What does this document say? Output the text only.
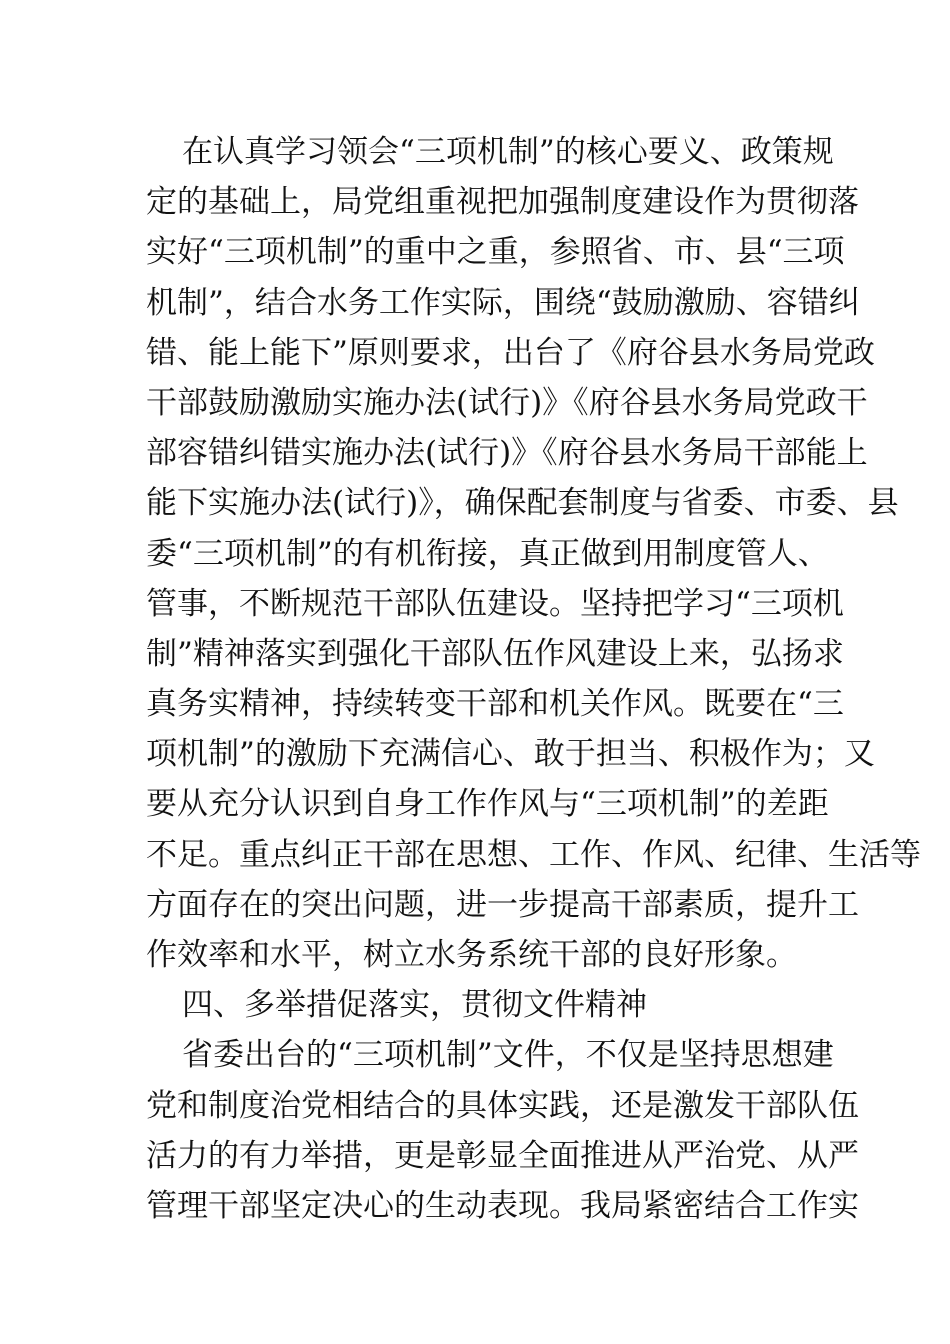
在认真学习领会“三项机制”的核心要义、政策规
定的基础上，局党组重视把加强制度建设作为贯彻落
实好“三项机制”的重中之重，参照省、市、县“三项
机制”，结合水务工作实际，围绕“鼓励激励、容错纠
错、能上能下”原则要求，出台了《府谷县水务局党政
干部鼓励激励实施办法(试行)》《府谷县水务局党政干
部容错纠错实施办法(试行)》《府谷县水务局干部能上
能下实施办法(试行)》，确保配套制度与省委、市委、县
委“三项机制”的有机衔接，真正做到用制度管人、
管事，不断规范干部队伍建设。坚持把学习“三项机
制”精神落实到强化干部队伍作风建设上来，弘扬求
真务实精神，持续转变干部和机关作风。既要在“三
项机制”的激励下充满信心、敢于担当、积极作为；又
要从充分认识到自身工作作风与“三项机制”的差距
不足。重点纠正干部在思想、工作、作风、纪律、生活等
方面存在的突出问题，进一步提高干部素质，提升工
作效率和水平，树立水务系统干部的良好形象。
四、多举措促落实，贯彻文件精神
省委出台的“三项机制”文件，不仅是坚持思想建
党和制度治党相结合的具体实践，还是激发干部队伍
活力的有力举措，更是彰显全面推进从严治党、从严
管理干部坚定决心的生动表现。我局紧密结合工作实
